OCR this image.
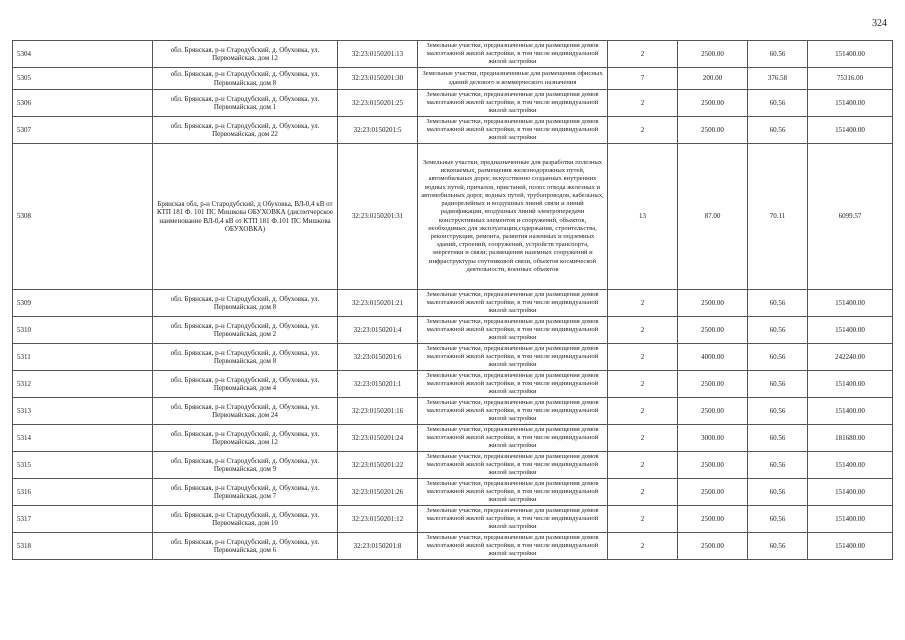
324
5304	обл. Брянская, р-н Стародубский, д. Обуховка, ул. Первомайская, дом 12	32:23:0150201:13	Земельные участки, предназначенные для размещения домов малоэтажной жилой застройки, в том числе индивидуальной жилой застройки	2	2500.00	60.56	151400.00
5305	обл. Брянская, р-н Стародубский, д. Обуховка, ул. Первомайская, дом 8	32:23:0150201:30	Земельные участки, предназначенные для размещения офисных зданий делового и коммерческого назначения	7	200.00	376.58	75316.00
5306	обл. Брянская, р-н Стародубский, д. Обуховка, ул. Первомайская, дом 1	32:23:0150201:25	Земельные участки, предназначенные для размещения домов малоэтажной жилой застройки, в том числе индивидуальной жилой застройки	2	2500.00	60.56	151400.00
5307	обл. Брянская, р-н Стародубский, д. Обуховка, ул. Первомайская, дом 22	32:23:0150201:5	Земельные участки, предназначенные для размещения домов малоэтажной жилой застройки, в том числе индивидуальной жилой застройки	2	2500.00	60.56	151400.00
5308	Брянская обл, р-н Стародубский, д Обуховка, ВЛ-0,4 кВ от КТП 181 Ф. 101 ПС Мишкова ОБУХОВКА (диспетчерское наименование ВЛ-0,4 кВ от КТП 181 Ф.101 ПС Мишкова ОБУХОВКА)	32:23:0150201:31	Земельные участки, предназначенные для разработки полезных ископаемых, размещения железнодорожных путей, автомобильных дорог, искусственно созданных внутренних водных путей, причалов, пристаней, полос отвода железных и автомобильных дорог, водных путей, трубопроводов, кабельных, радиорелейных и воздушных линий связи и линий радиофикации, воздушных линий электропередачи конструктивных элементов и сооружений, объектов, необходимых для эксплуатации,содержания, строительства, реконструкции, ремонта, развития наземных и подземных зданий, строений, сооружений, устройств транспорта, энергетики и связи; размещения наземных сооружений и инфраструктуры спутниковой связи, объектов космической деятельности, военных объектов	13	87.00	70.11	6099.57
5309	обл. Брянская, р-н Стародубский, д. Обуховка, ул. Первомайская, дом 8	32:23:0150201:21	Земельные участки, предназначенные для размещения домов малоэтажной жилой застройки, в том числе индивидуальной жилой застройки	2	2500.00	60.56	151400.00
5310	обл. Брянская, р-н Стародубский, д. Обуховка, ул. Первомайская, дом 2	32:23:0150201:4	Земельные участки, предназначенные для размещения домов малоэтажной жилой застройки, в том числе индивидуальной жилой застройки	2	2500.00	60.56	151400.00
5311	обл. Брянская, р-н Стародубский, д. Обуховка, ул. Первомайская, дом 8	32:23:0150201:6	Земельные участки, предназначенные для размещения домов малоэтажной жилой застройки, в том числе индивидуальной жилой застройки	2	4000.00	60.56	242240.00
5312	обл. Брянская, р-н Стародубский, д. Обуховка, ул. Первомайская, дом 4	32:23:0150201:1	Земельные участки, предназначенные для размещения домов малоэтажной жилой застройки, в том числе индивидуальной жилой застройки	2	2500.00	60.56	151400.00
5313	обл. Брянская, р-н Стародубский, д. Обуховка, ул. Первомайская, дом 24	32:23:0150201:16	Земельные участки, предназначенные для размещения домов малоэтажной жилой застройки, в том числе индивидуальной жилой застройки	2	2500.00	60.56	151400.00
5314	обл. Брянская, р-н Стародубский, д. Обуховка, ул. Первомайская, дом 12	32:23:0150201:24	Земельные участки, предназначенные для размещения домов малоэтажной жилой застройки, в том числе индивидуальной жилой застройки	2	3000.00	60.56	181680.00
5315	обл. Брянская, р-н Стародубский, д. Обуховка, ул. Первомайская, дом 9	32:23:0150201:22	Земельные участки, предназначенные для размещения домов малоэтажной жилой застройки, в том числе индивидуальной жилой застройки	2	2500.00	60.56	151400.00
5316	обл. Брянская, р-н Стародубский, д. Обуховка, ул. Первомайская, дом 7	32:23:0150201:26	Земельные участки, предназначенные для размещения домов малоэтажной жилой застройки, в том числе индивидуальной жилой застройки	2	2500.00	60.56	151400.00
5317	обл. Брянская, р-н Стародубский, д. Обуховка, ул. Первомайская, дом 10	32:23:0150201:12	Земельные участки, предназначенные для размещения домов малоэтажной жилой застройки, в том числе индивидуальной жилой застройки	2	2500.00	60.56	151400.00
5318	обл. Брянская, р-н Стародубский, д. Обуховка, ул. Первомайская, дом 6	32:23:0150201:8	Земельные участки, предназначенные для размещения домов малоэтажной жилой застройки, в том числе индивидуальной жилой застройки	2	2500.00	60.56	151400.00
